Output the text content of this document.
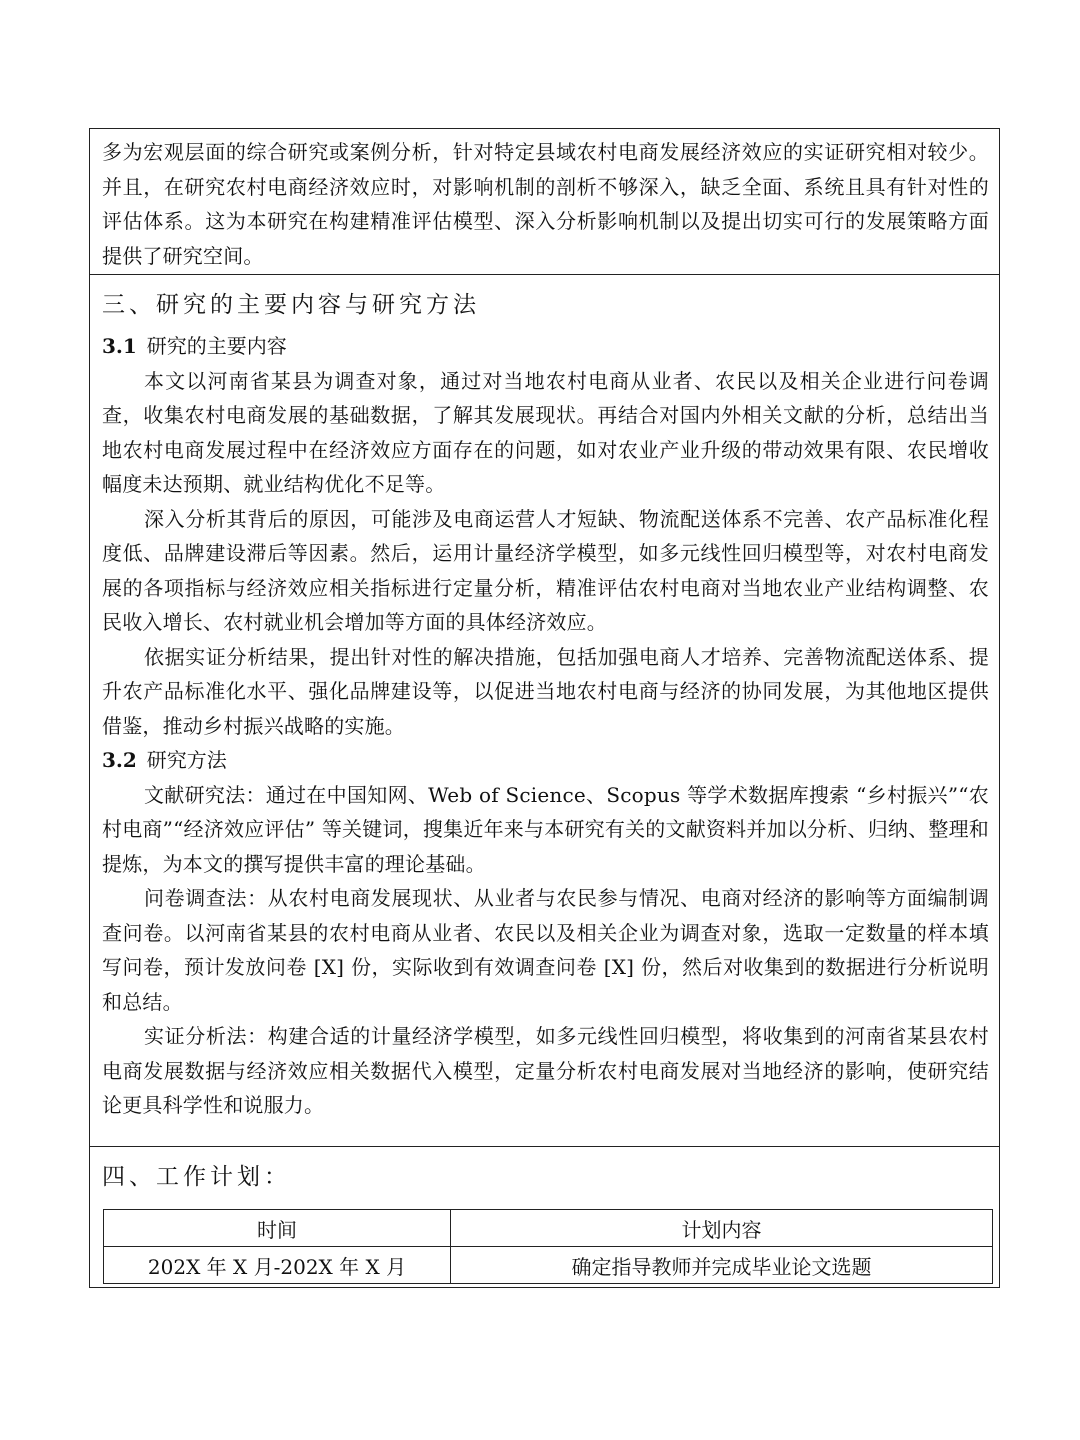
多为宏观层面的综合研究或案例分析，针对特定县域农村电商发展经济效应的实证研究相对较少。并且，在研究农村电商经济效应时，对影响机制的剖析不够深入，缺乏全面、系统且具有针对性的评估体系。这为本研究在构建精准评估模型、深入分析影响机制以及提出切实可行的发展策略方面提供了研究空间。

三、研究的主要内容与研究方法
3.1 研究的主要内容

本文以河南省某县为调查对象，通过对当地农村电商从业者、农民以及相关企业进行问卷调查，收集农村电商发展的基础数据，了解其发展现状。再结合对国内外相关文献的分析，总结出当地农村电商发展过程中在经济效应方面存在的问题，如对农业产业升级的带动效果有限、农民增收幅度未达预期、就业结构优化不足等。

深入分析其背后的原因，可能涉及电商运营人才短缺、物流配送体系不完善、农产品标准化程度低、品牌建设滞后等因素。然后，运用计量经济学模型，如多元线性回归模型等，对农村电商发展的各项指标与经济效应相关指标进行定量分析，精准评估农村电商对当地农业产业结构调整、农民收入增长、农村就业机会增加等方面的具体经济效应。

依据实证分析结果，提出针对性的解决措施，包括加强电商人才培养、完善物流配送体系、提升农产品标准化水平、强化品牌建设等，以促进当地农村电商与经济的协同发展，为其他地区提供借鉴，推动乡村振兴战略的实施。

3.2 研究方法

文献研究法：通过在中国知网、Web of Science、Scopus 等学术数据库搜索 “乡村振兴”“农村电商”“经济效应评估” 等关键词，搜集近年来与本研究有关的文献资料并加以分析、归纳、整理和提炼，为本文的撰写提供丰富的理论基础。

问卷调查法：从农村电商发展现状、从业者与农民参与情况、电商对经济的影响等方面编制调查问卷。以河南省某县的农村电商从业者、农民以及相关企业为调查对象，选取一定数量的样本填写问卷，预计发放问卷 [X] 份，实际收到有效调查问卷 [X] 份，然后对收集到的数据进行分析说明和总结。

实证分析法：构建合适的计量经济学模型，如多元线性回归模型，将收集到的河南省某县农村电商发展数据与经济效应相关数据代入模型，定量分析农村电商发展对当地经济的影响，使研究结论更具科学性和说服力。

四、工作计划：
时间	计划内容
202X 年 X 月-202X 年 X 月	确定指导教师并完成毕业论文选题
